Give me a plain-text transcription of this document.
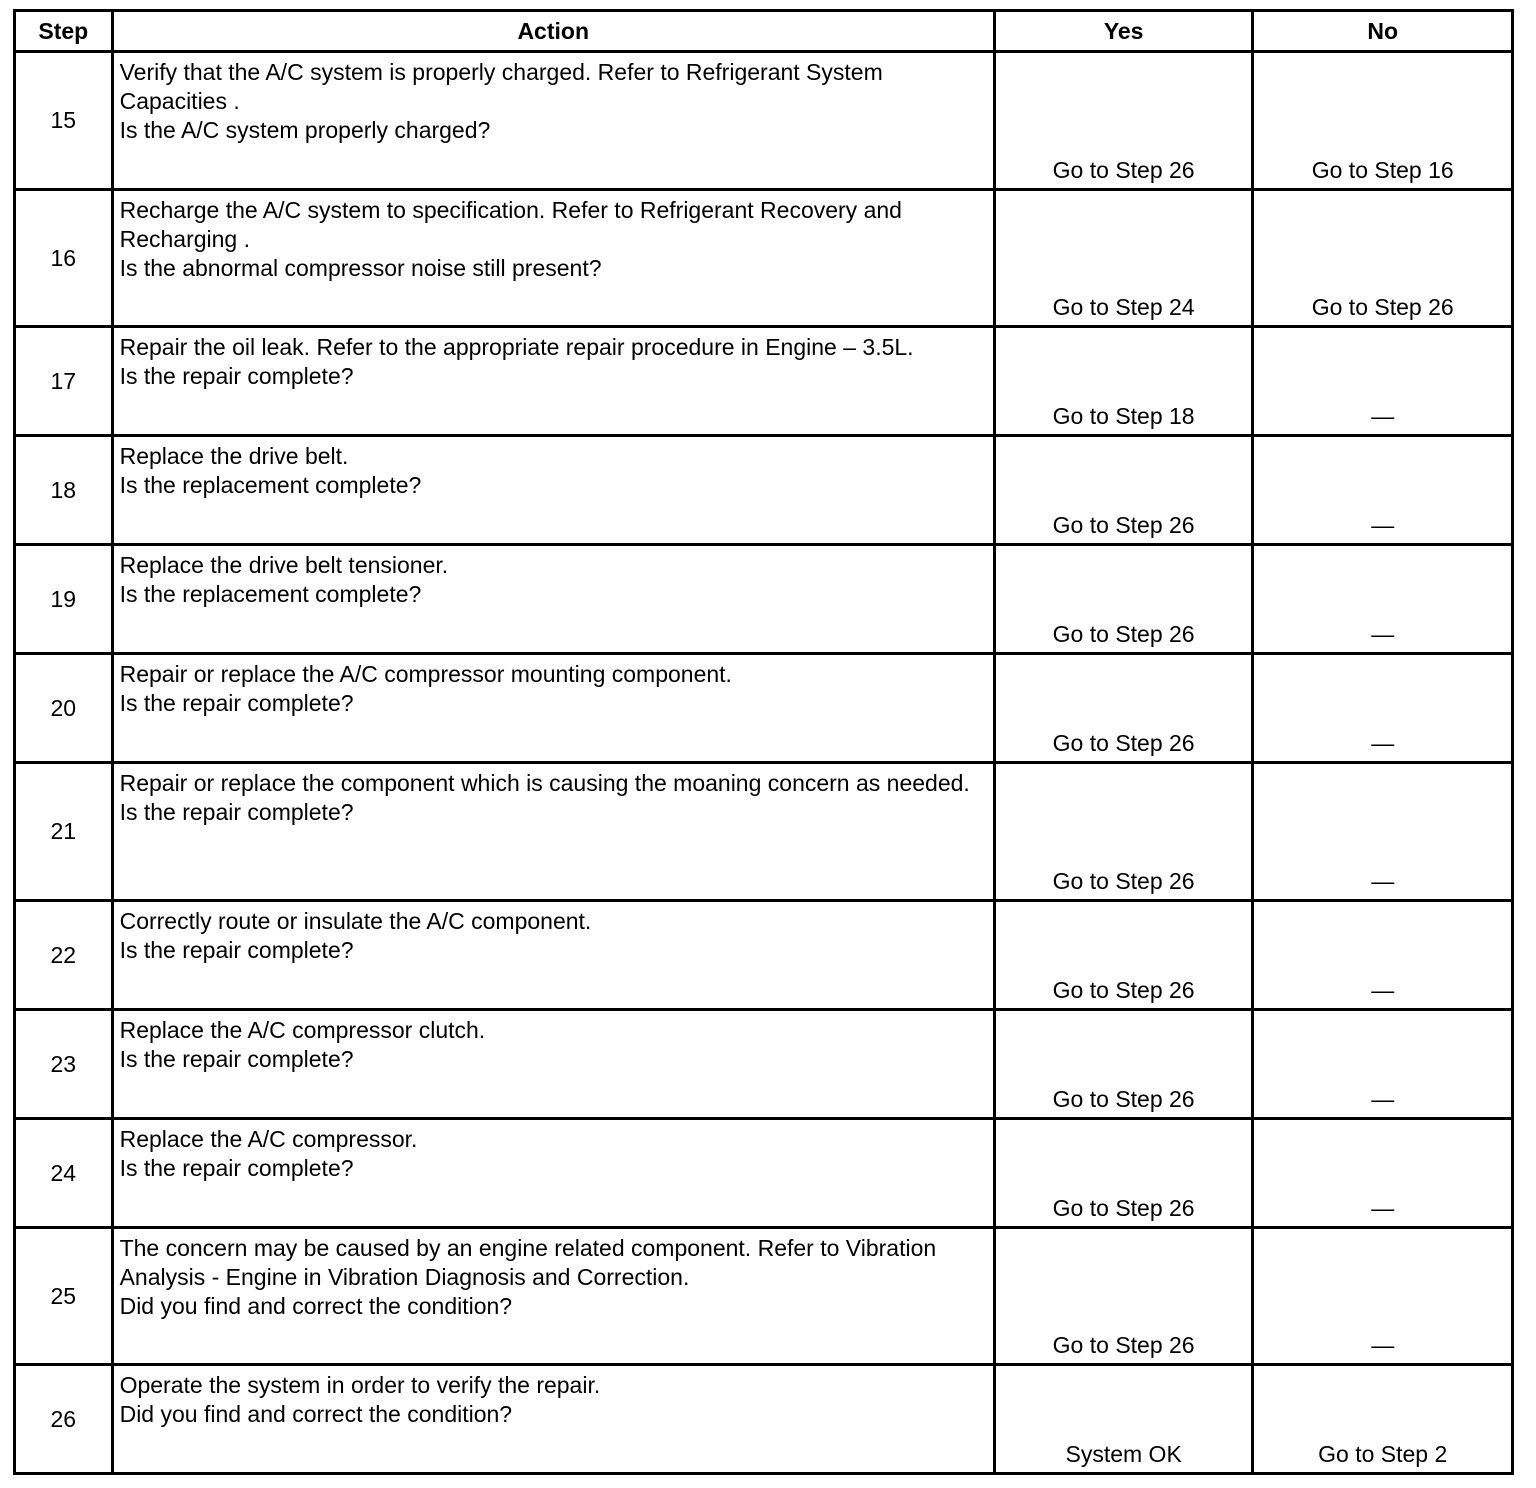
Step	Action	Yes	No
15	Verify that the A/C system is properly charged. Refer to Refrigerant System Capacities .
Is the A/C system properly charged?	Go to Step 26	Go to Step 16
16	Recharge the A/C system to specification. Refer to Refrigerant Recovery and Recharging .
Is the abnormal compressor noise still present?	Go to Step 24	Go to Step 26
17	Repair the oil leak. Refer to the appropriate repair procedure in Engine – 3.5L.
Is the repair complete?	Go to Step 18	—
18	Replace the drive belt.
Is the replacement complete?	Go to Step 26	—
19	Replace the drive belt tensioner.
Is the replacement complete?	Go to Step 26	—
20	Repair or replace the A/C compressor mounting component.
Is the repair complete?	Go to Step 26	—
21	Repair or replace the component which is causing the moaning concern as needed.
Is the repair complete?	Go to Step 26	—
22	Correctly route or insulate the A/C component.
Is the repair complete?	Go to Step 26	—
23	Replace the A/C compressor clutch.
Is the repair complete?	Go to Step 26	—
24	Replace the A/C compressor.
Is the repair complete?	Go to Step 26	—
25	The concern may be caused by an engine related component. Refer to Vibration Analysis - Engine in Vibration Diagnosis and Correction.
Did you find and correct the condition?	Go to Step 26	—
26	Operate the system in order to verify the repair.
Did you find and correct the condition?	System OK	Go to Step 2
